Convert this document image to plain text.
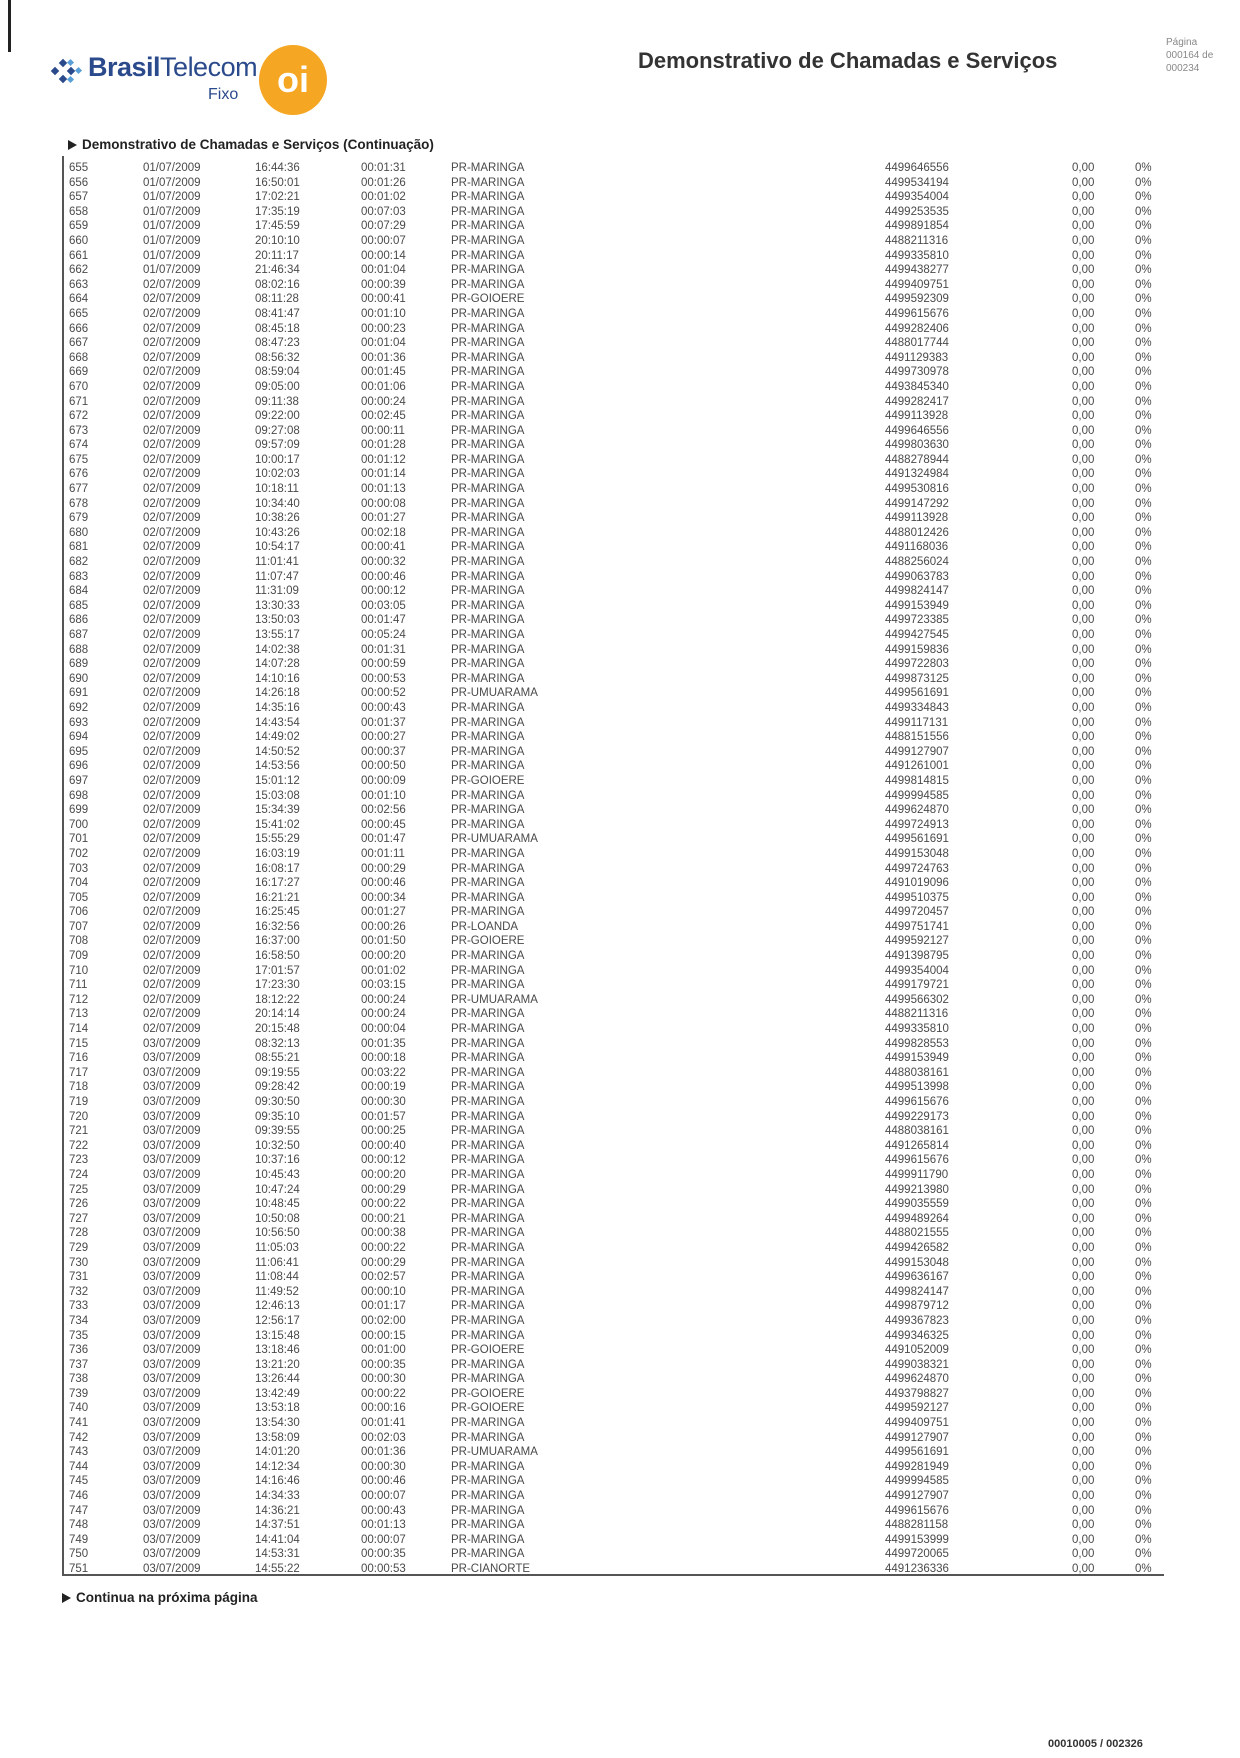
BrasilTelecom
Fixo oi	Demonstrativo de Chamadas e Serviços
Página
000164 de
000234
Demonstrativo de Chamadas e Serviços (Continuação)
655	01/07/2009	16:44:36	00:01:31	PR-MARINGA	4499646556	0,00	0%
656	01/07/2009	16:50:01	00:01:26	PR-MARINGA	4499534194	0,00	0%
657	01/07/2009	17:02:21	00:01:02	PR-MARINGA	4499354004	0,00	0%
658	01/07/2009	17:35:19	00:07:03	PR-MARINGA	4499253535	0,00	0%
659	01/07/2009	17:45:59	00:07:29	PR-MARINGA	4499891854	0,00	0%
660	01/07/2009	20:10:10	00:00:07	PR-MARINGA	4488211316	0,00	0%
661	01/07/2009	20:11:17	00:00:14	PR-MARINGA	4499335810	0,00	0%
662	01/07/2009	21:46:34	00:01:04	PR-MARINGA	4499438277	0,00	0%
663	02/07/2009	08:02:16	00:00:39	PR-MARINGA	4499409751	0,00	0%
664	02/07/2009	08:11:28	00:00:41	PR-GOIOERE	4499592309	0,00	0%
665	02/07/2009	08:41:47	00:01:10	PR-MARINGA	4499615676	0,00	0%
666	02/07/2009	08:45:18	00:00:23	PR-MARINGA	4499282406	0,00	0%
667	02/07/2009	08:47:23	00:01:04	PR-MARINGA	4488017744	0,00	0%
668	02/07/2009	08:56:32	00:01:36	PR-MARINGA	4491129383	0,00	0%
669	02/07/2009	08:59:04	00:01:45	PR-MARINGA	4499730978	0,00	0%
670	02/07/2009	09:05:00	00:01:06	PR-MARINGA	4493845340	0,00	0%
671	02/07/2009	09:11:38	00:00:24	PR-MARINGA	4499282417	0,00	0%
672	02/07/2009	09:22:00	00:02:45	PR-MARINGA	4499113928	0,00	0%
673	02/07/2009	09:27:08	00:00:11	PR-MARINGA	4499646556	0,00	0%
674	02/07/2009	09:57:09	00:01:28	PR-MARINGA	4499803630	0,00	0%
675	02/07/2009	10:00:17	00:01:12	PR-MARINGA	4488278944	0,00	0%
676	02/07/2009	10:02:03	00:01:14	PR-MARINGA	4491324984	0,00	0%
677	02/07/2009	10:18:11	00:01:13	PR-MARINGA	4499530816	0,00	0%
678	02/07/2009	10:34:40	00:00:08	PR-MARINGA	4499147292	0,00	0%
679	02/07/2009	10:38:26	00:01:27	PR-MARINGA	4499113928	0,00	0%
680	02/07/2009	10:43:26	00:02:18	PR-MARINGA	4488012426	0,00	0%
681	02/07/2009	10:54:17	00:00:41	PR-MARINGA	4491168036	0,00	0%
682	02/07/2009	11:01:41	00:00:32	PR-MARINGA	4488256024	0,00	0%
683	02/07/2009	11:07:47	00:00:46	PR-MARINGA	4499063783	0,00	0%
684	02/07/2009	11:31:09	00:00:12	PR-MARINGA	4499824147	0,00	0%
685	02/07/2009	13:30:33	00:03:05	PR-MARINGA	4499153949	0,00	0%
686	02/07/2009	13:50:03	00:01:47	PR-MARINGA	4499723385	0,00	0%
687	02/07/2009	13:55:17	00:05:24	PR-MARINGA	4499427545	0,00	0%
688	02/07/2009	14:02:38	00:01:31	PR-MARINGA	4499159836	0,00	0%
689	02/07/2009	14:07:28	00:00:59	PR-MARINGA	4499722803	0,00	0%
690	02/07/2009	14:10:16	00:00:53	PR-MARINGA	4499873125	0,00	0%
691	02/07/2009	14:26:18	00:00:52	PR-UMUARAMA	4499561691	0,00	0%
692	02/07/2009	14:35:16	00:00:43	PR-MARINGA	4499334843	0,00	0%
693	02/07/2009	14:43:54	00:01:37	PR-MARINGA	4499117131	0,00	0%
694	02/07/2009	14:49:02	00:00:27	PR-MARINGA	4488151556	0,00	0%
695	02/07/2009	14:50:52	00:00:37	PR-MARINGA	4499127907	0,00	0%
696	02/07/2009	14:53:56	00:00:50	PR-MARINGA	4491261001	0,00	0%
697	02/07/2009	15:01:12	00:00:09	PR-GOIOERE	4499814815	0,00	0%
698	02/07/2009	15:03:08	00:01:10	PR-MARINGA	4499994585	0,00	0%
699	02/07/2009	15:34:39	00:02:56	PR-MARINGA	4499624870	0,00	0%
700	02/07/2009	15:41:02	00:00:45	PR-MARINGA	4499724913	0,00	0%
701	02/07/2009	15:55:29	00:01:47	PR-UMUARAMA	4499561691	0,00	0%
702	02/07/2009	16:03:19	00:01:11	PR-MARINGA	4499153048	0,00	0%
703	02/07/2009	16:08:17	00:00:29	PR-MARINGA	4499724763	0,00	0%
704	02/07/2009	16:17:27	00:00:46	PR-MARINGA	4491019096	0,00	0%
705	02/07/2009	16:21:21	00:00:34	PR-MARINGA	4499510375	0,00	0%
706	02/07/2009	16:25:45	00:01:27	PR-MARINGA	4499720457	0,00	0%
707	02/07/2009	16:32:56	00:00:26	PR-LOANDA	4499751741	0,00	0%
708	02/07/2009	16:37:00	00:01:50	PR-GOIOERE	4499592127	0,00	0%
709	02/07/2009	16:58:50	00:00:20	PR-MARINGA	4491398795	0,00	0%
710	02/07/2009	17:01:57	00:01:02	PR-MARINGA	4499354004	0,00	0%
711	02/07/2009	17:23:30	00:03:15	PR-MARINGA	4499179721	0,00	0%
712	02/07/2009	18:12:22	00:00:24	PR-UMUARAMA	4499566302	0,00	0%
713	02/07/2009	20:14:14	00:00:24	PR-MARINGA	4488211316	0,00	0%
714	02/07/2009	20:15:48	00:00:04	PR-MARINGA	4499335810	0,00	0%
715	03/07/2009	08:32:13	00:01:35	PR-MARINGA	4499828553	0,00	0%
716	03/07/2009	08:55:21	00:00:18	PR-MARINGA	4499153949	0,00	0%
717	03/07/2009	09:19:55	00:03:22	PR-MARINGA	4488038161	0,00	0%
718	03/07/2009	09:28:42	00:00:19	PR-MARINGA	4499513998	0,00	0%
719	03/07/2009	09:30:50	00:00:30	PR-MARINGA	4499615676	0,00	0%
720	03/07/2009	09:35:10	00:01:57	PR-MARINGA	4499229173	0,00	0%
721	03/07/2009	09:39:55	00:00:25	PR-MARINGA	4488038161	0,00	0%
722	03/07/2009	10:32:50	00:00:40	PR-MARINGA	4491265814	0,00	0%
723	03/07/2009	10:37:16	00:00:12	PR-MARINGA	4499615676	0,00	0%
724	03/07/2009	10:45:43	00:00:20	PR-MARINGA	4499911790	0,00	0%
725	03/07/2009	10:47:24	00:00:29	PR-MARINGA	4499213980	0,00	0%
726	03/07/2009	10:48:45	00:00:22	PR-MARINGA	4499035559	0,00	0%
727	03/07/2009	10:50:08	00:00:21	PR-MARINGA	4499489264	0,00	0%
728	03/07/2009	10:56:50	00:00:38	PR-MARINGA	4488021555	0,00	0%
729	03/07/2009	11:05:03	00:00:22	PR-MARINGA	4499426582	0,00	0%
730	03/07/2009	11:06:41	00:00:29	PR-MARINGA	4499153048	0,00	0%
731	03/07/2009	11:08:44	00:02:57	PR-MARINGA	4499636167	0,00	0%
732	03/07/2009	11:49:52	00:00:10	PR-MARINGA	4499824147	0,00	0%
733	03/07/2009	12:46:13	00:01:17	PR-MARINGA	4499879712	0,00	0%
734	03/07/2009	12:56:17	00:02:00	PR-MARINGA	4499367823	0,00	0%
735	03/07/2009	13:15:48	00:00:15	PR-MARINGA	4499346325	0,00	0%
736	03/07/2009	13:18:46	00:01:00	PR-GOIOERE	4491052009	0,00	0%
737	03/07/2009	13:21:20	00:00:35	PR-MARINGA	4499038321	0,00	0%
738	03/07/2009	13:26:44	00:00:30	PR-MARINGA	4499624870	0,00	0%
739	03/07/2009	13:42:49	00:00:22	PR-GOIOERE	4493798827	0,00	0%
740	03/07/2009	13:53:18	00:00:16	PR-GOIOERE	4499592127	0,00	0%
741	03/07/2009	13:54:30	00:01:41	PR-MARINGA	4499409751	0,00	0%
742	03/07/2009	13:58:09	00:02:03	PR-MARINGA	4499127907	0,00	0%
743	03/07/2009	14:01:20	00:01:36	PR-UMUARAMA	4499561691	0,00	0%
744	03/07/2009	14:12:34	00:00:30	PR-MARINGA	4499281949	0,00	0%
745	03/07/2009	14:16:46	00:00:46	PR-MARINGA	4499994585	0,00	0%
746	03/07/2009	14:34:33	00:00:07	PR-MARINGA	4499127907	0,00	0%
747	03/07/2009	14:36:21	00:00:43	PR-MARINGA	4499615676	0,00	0%
748	03/07/2009	14:37:51	00:01:13	PR-MARINGA	4488281158	0,00	0%
749	03/07/2009	14:41:04	00:00:07	PR-MARINGA	4499153999	0,00	0%
750	03/07/2009	14:53:31	00:00:35	PR-MARINGA	4499720065	0,00	0%
751	03/07/2009	14:55:22	00:00:53	PR-CIANORTE	4491236336	0,00	0%
Continua na próxima página
00010005 / 002326
